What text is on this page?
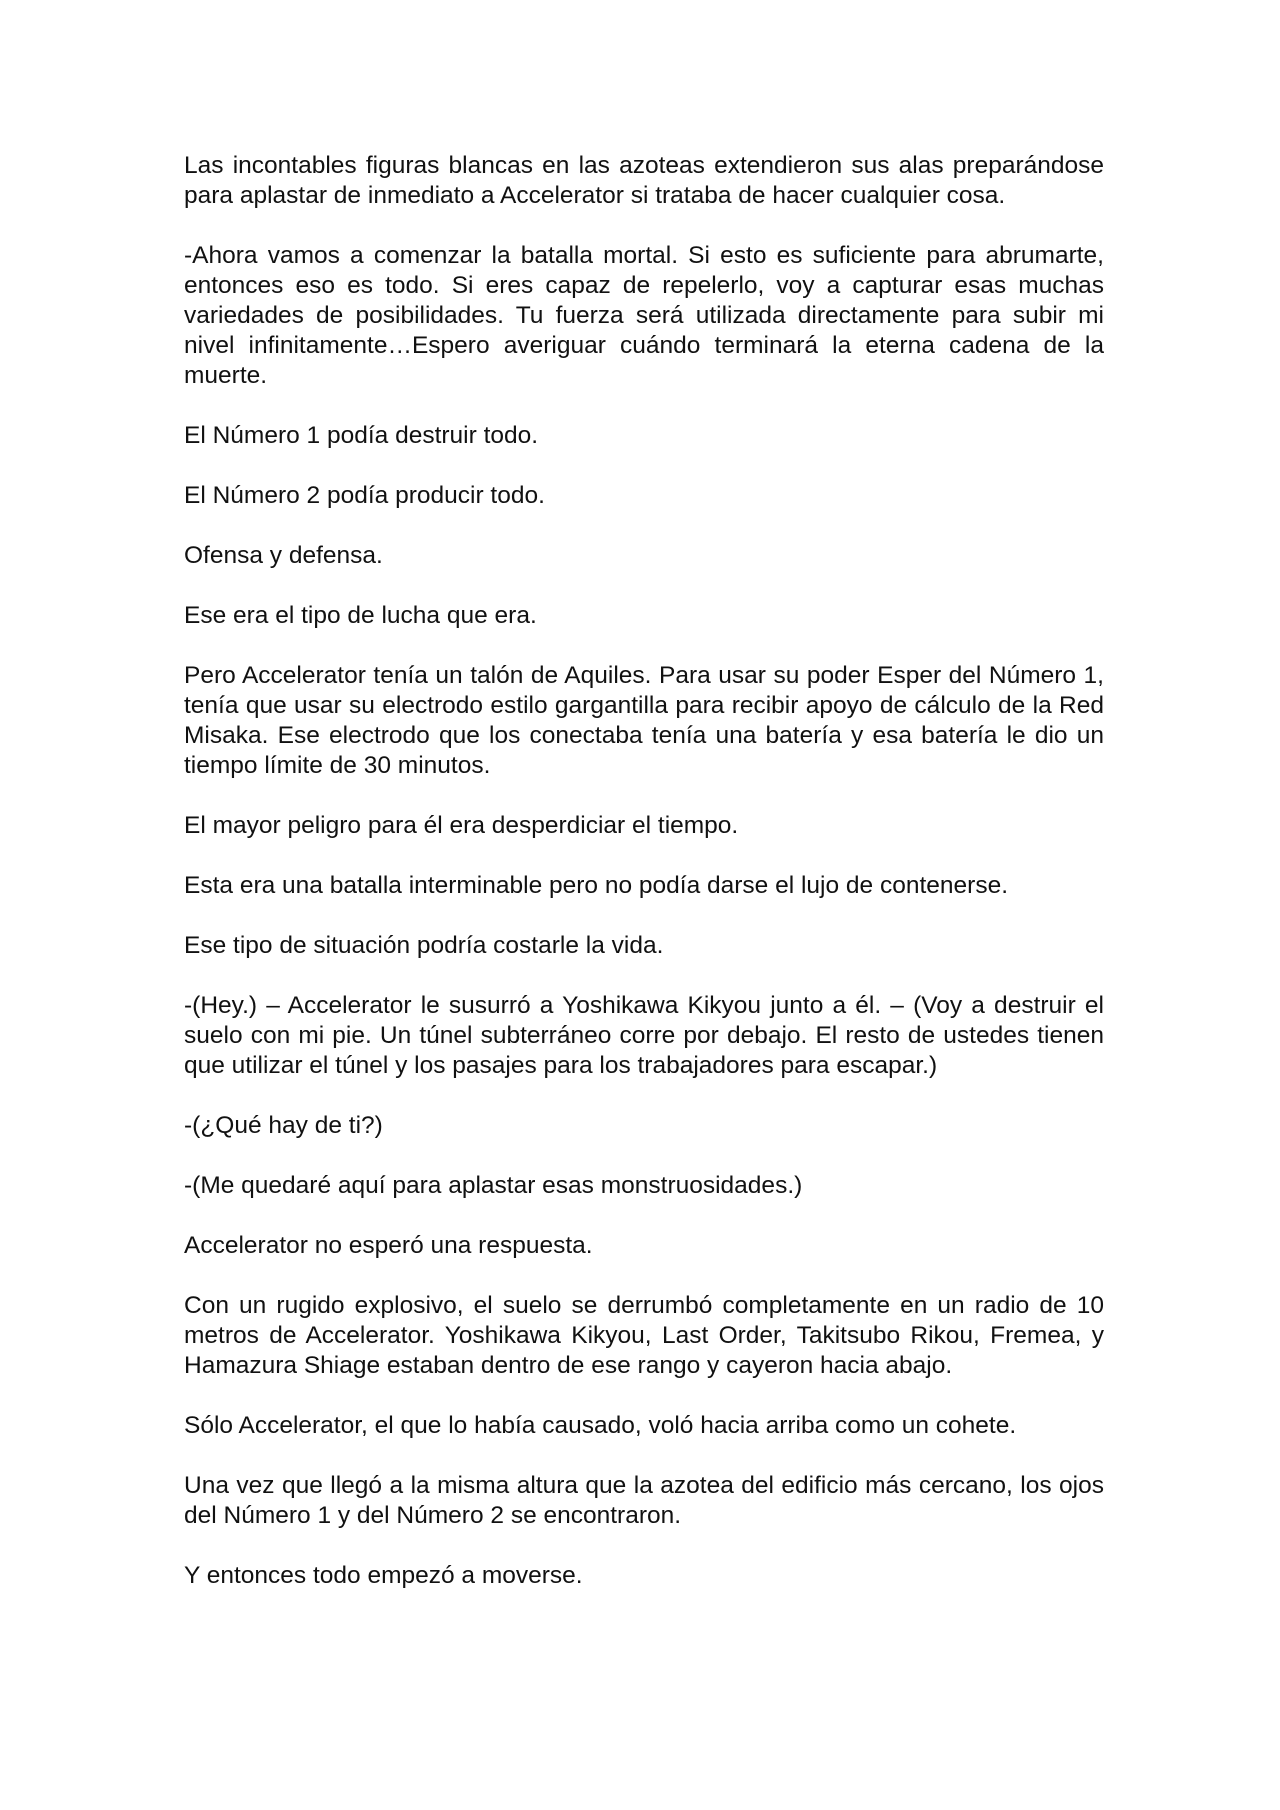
Las incontables figuras blancas en las azoteas extendieron sus alas preparándose para aplastar de inmediato a Accelerator si trataba de hacer cualquier cosa.

-Ahora vamos a comenzar la batalla mortal. Si esto es suficiente para abrumarte, entonces eso es todo. Si eres capaz de repelerlo, voy a capturar esas muchas variedades de posibilidades. Tu fuerza será utilizada directamente para subir mi nivel infinitamente…Espero averiguar cuándo terminará la eterna cadena de la muerte.

El Número 1 podía destruir todo.

El Número 2 podía producir todo.

Ofensa y defensa.

Ese era el tipo de lucha que era.

Pero Accelerator tenía un talón de Aquiles. Para usar su poder Esper del Número 1, tenía que usar su electrodo estilo gargantilla para recibir apoyo de cálculo de la Red Misaka. Ese electrodo que los conectaba tenía una batería y esa batería le dio un tiempo límite de 30 minutos.

El mayor peligro para él era desperdiciar el tiempo.

Esta era una batalla interminable pero no podía darse el lujo de contenerse.

Ese tipo de situación podría costarle la vida.

-(Hey.) – Accelerator le susurró a Yoshikawa Kikyou junto a él. – (Voy a destruir el suelo con mi pie. Un túnel subterráneo corre por debajo. El resto de ustedes tienen que utilizar el túnel y los pasajes para los trabajadores para escapar.)

-(¿Qué hay de ti?)

-(Me quedaré aquí para aplastar esas monstruosidades.)

Accelerator no esperó una respuesta.

Con un rugido explosivo, el suelo se derrumbó completamente en un radio de 10 metros de Accelerator. Yoshikawa Kikyou, Last Order, Takitsubo Rikou, Fremea, y Hamazura Shiage estaban dentro de ese rango y cayeron hacia abajo.

Sólo Accelerator, el que lo había causado, voló hacia arriba como un cohete.

Una vez que llegó a la misma altura que la azotea del edificio más cercano, los ojos del Número 1 y del Número 2 se encontraron.

Y entonces todo empezó a moverse.
